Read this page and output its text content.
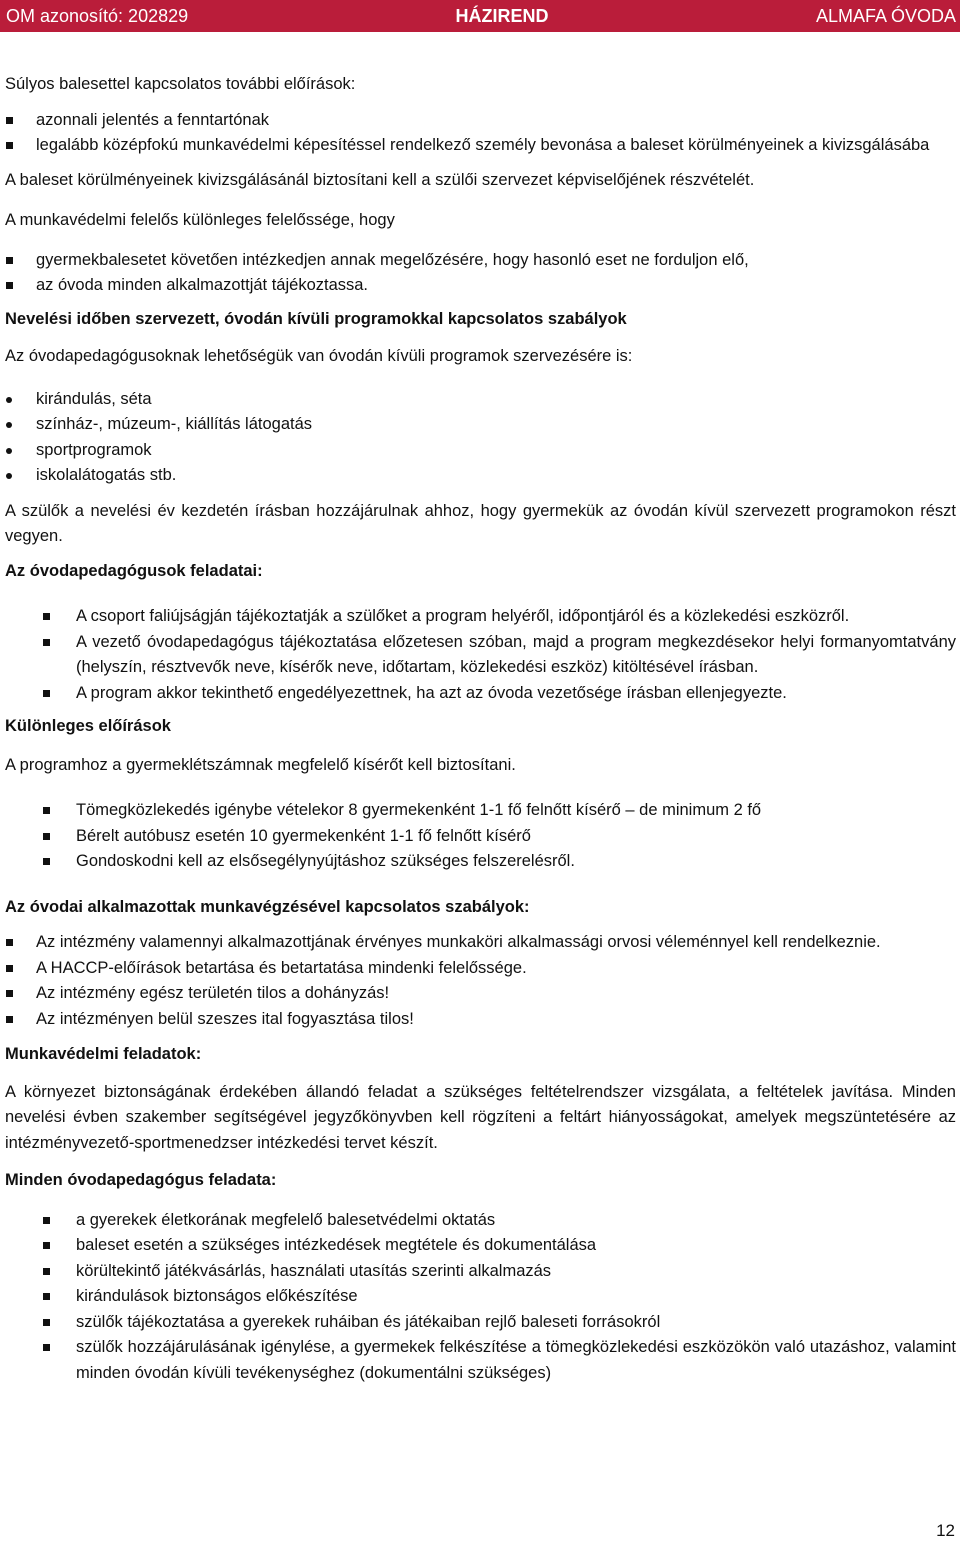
OM azonosító: 202829	HÁZIREND	ALMAFA ÓVODA

Súlyos balesettel kapcsolatos további előírások:

azonnali jelentés a fenntartónak
legalább középfokú munkavédelmi képesítéssel rendelkező személy bevonása a baleset körülményeinek a kivizsgálásába

A baleset körülményeinek kivizsgálásánál biztosítani kell a szülői szervezet képviselőjének részvételét.

A munkavédelmi felelős különleges felelőssége, hogy

gyermekbalesetet követően intézkedjen annak megelőzésére, hogy hasonló eset ne forduljon elő,
az óvoda minden alkalmazottját tájékoztassa.
Nevelési időben szervezett, óvodán kívüli programokkal kapcsolatos szabályok

Az óvodapedagógusoknak lehetőségük van óvodán kívüli programok szervezésére is:

kirándulás, séta
színház-, múzeum-, kiállítás látogatás
sportprogramok
iskolalátogatás stb.

A szülők a nevelési év kezdetén írásban hozzájárulnak ahhoz, hogy gyermekük az óvodán kívül szervezett programokon részt vegyen.

Az óvodapedagógusok feladatai:
A csoport faliújságján tájékoztatják a szülőket a program helyéről, időpontjáról és a közlekedési eszközről.
A vezető óvodapedagógus tájékoztatása előzetesen szóban, majd a program megkezdésekor helyi formanyomtatvány (helyszín, résztvevők neve, kísérők neve, időtartam, közlekedési eszköz) kitöltésével írásban.
A program akkor tekinthető engedélyezettnek, ha azt az óvoda vezetősége írásban ellenjegyezte.
Különleges előírások

A programhoz a gyermeklétszámnak megfelelő kísérőt kell biztosítani.

Tömegközlekedés igénybe vételekor 8 gyermekenként 1-1 fő felnőtt kísérő – de minimum 2 fő
Bérelt autóbusz esetén 10 gyermekenként 1-1 fő felnőtt kísérő
Gondoskodni kell az elsősegélynyújtáshoz szükséges felszerelésről.
Az óvodai alkalmazottak munkavégzésével kapcsolatos szabályok:
Az intézmény valamennyi alkalmazottjának érvényes munkaköri alkalmassági orvosi véleménnyel kell rendelkeznie.
A HACCP-előírások betartása és betartatása mindenki felelőssége.
Az intézmény egész területén tilos a dohányzás!
Az intézményen belül szeszes ital fogyasztása tilos!
Munkavédelmi feladatok:

A környezet biztonságának érdekében állandó feladat a szükséges feltételrendszer vizsgálata, a feltételek javítása. Minden nevelési évben szakember segítségével jegyzőkönyvben kell rögzíteni a feltárt hiányosságokat, amelyek megszüntetésére az intézményvezető-sportmenedzser intézkedési tervet készít.

Minden óvodapedagógus feladata:
a gyerekek életkorának megfelelő balesetvédelmi oktatás
baleset esetén a szükséges intézkedések megtétele és dokumentálása
körültekintő játékvásárlás, használati utasítás szerinti alkalmazás
kirándulások biztonságos előkészítése
szülők tájékoztatása a gyerekek ruháiban és játékaiban rejlő baleseti forrásokról
szülők hozzájárulásának igénylése, a gyermekek felkészítése a tömegközlekedési eszközökön való utazáshoz, valamint minden óvodán kívüli tevékenységhez (dokumentálni szükséges)
12
